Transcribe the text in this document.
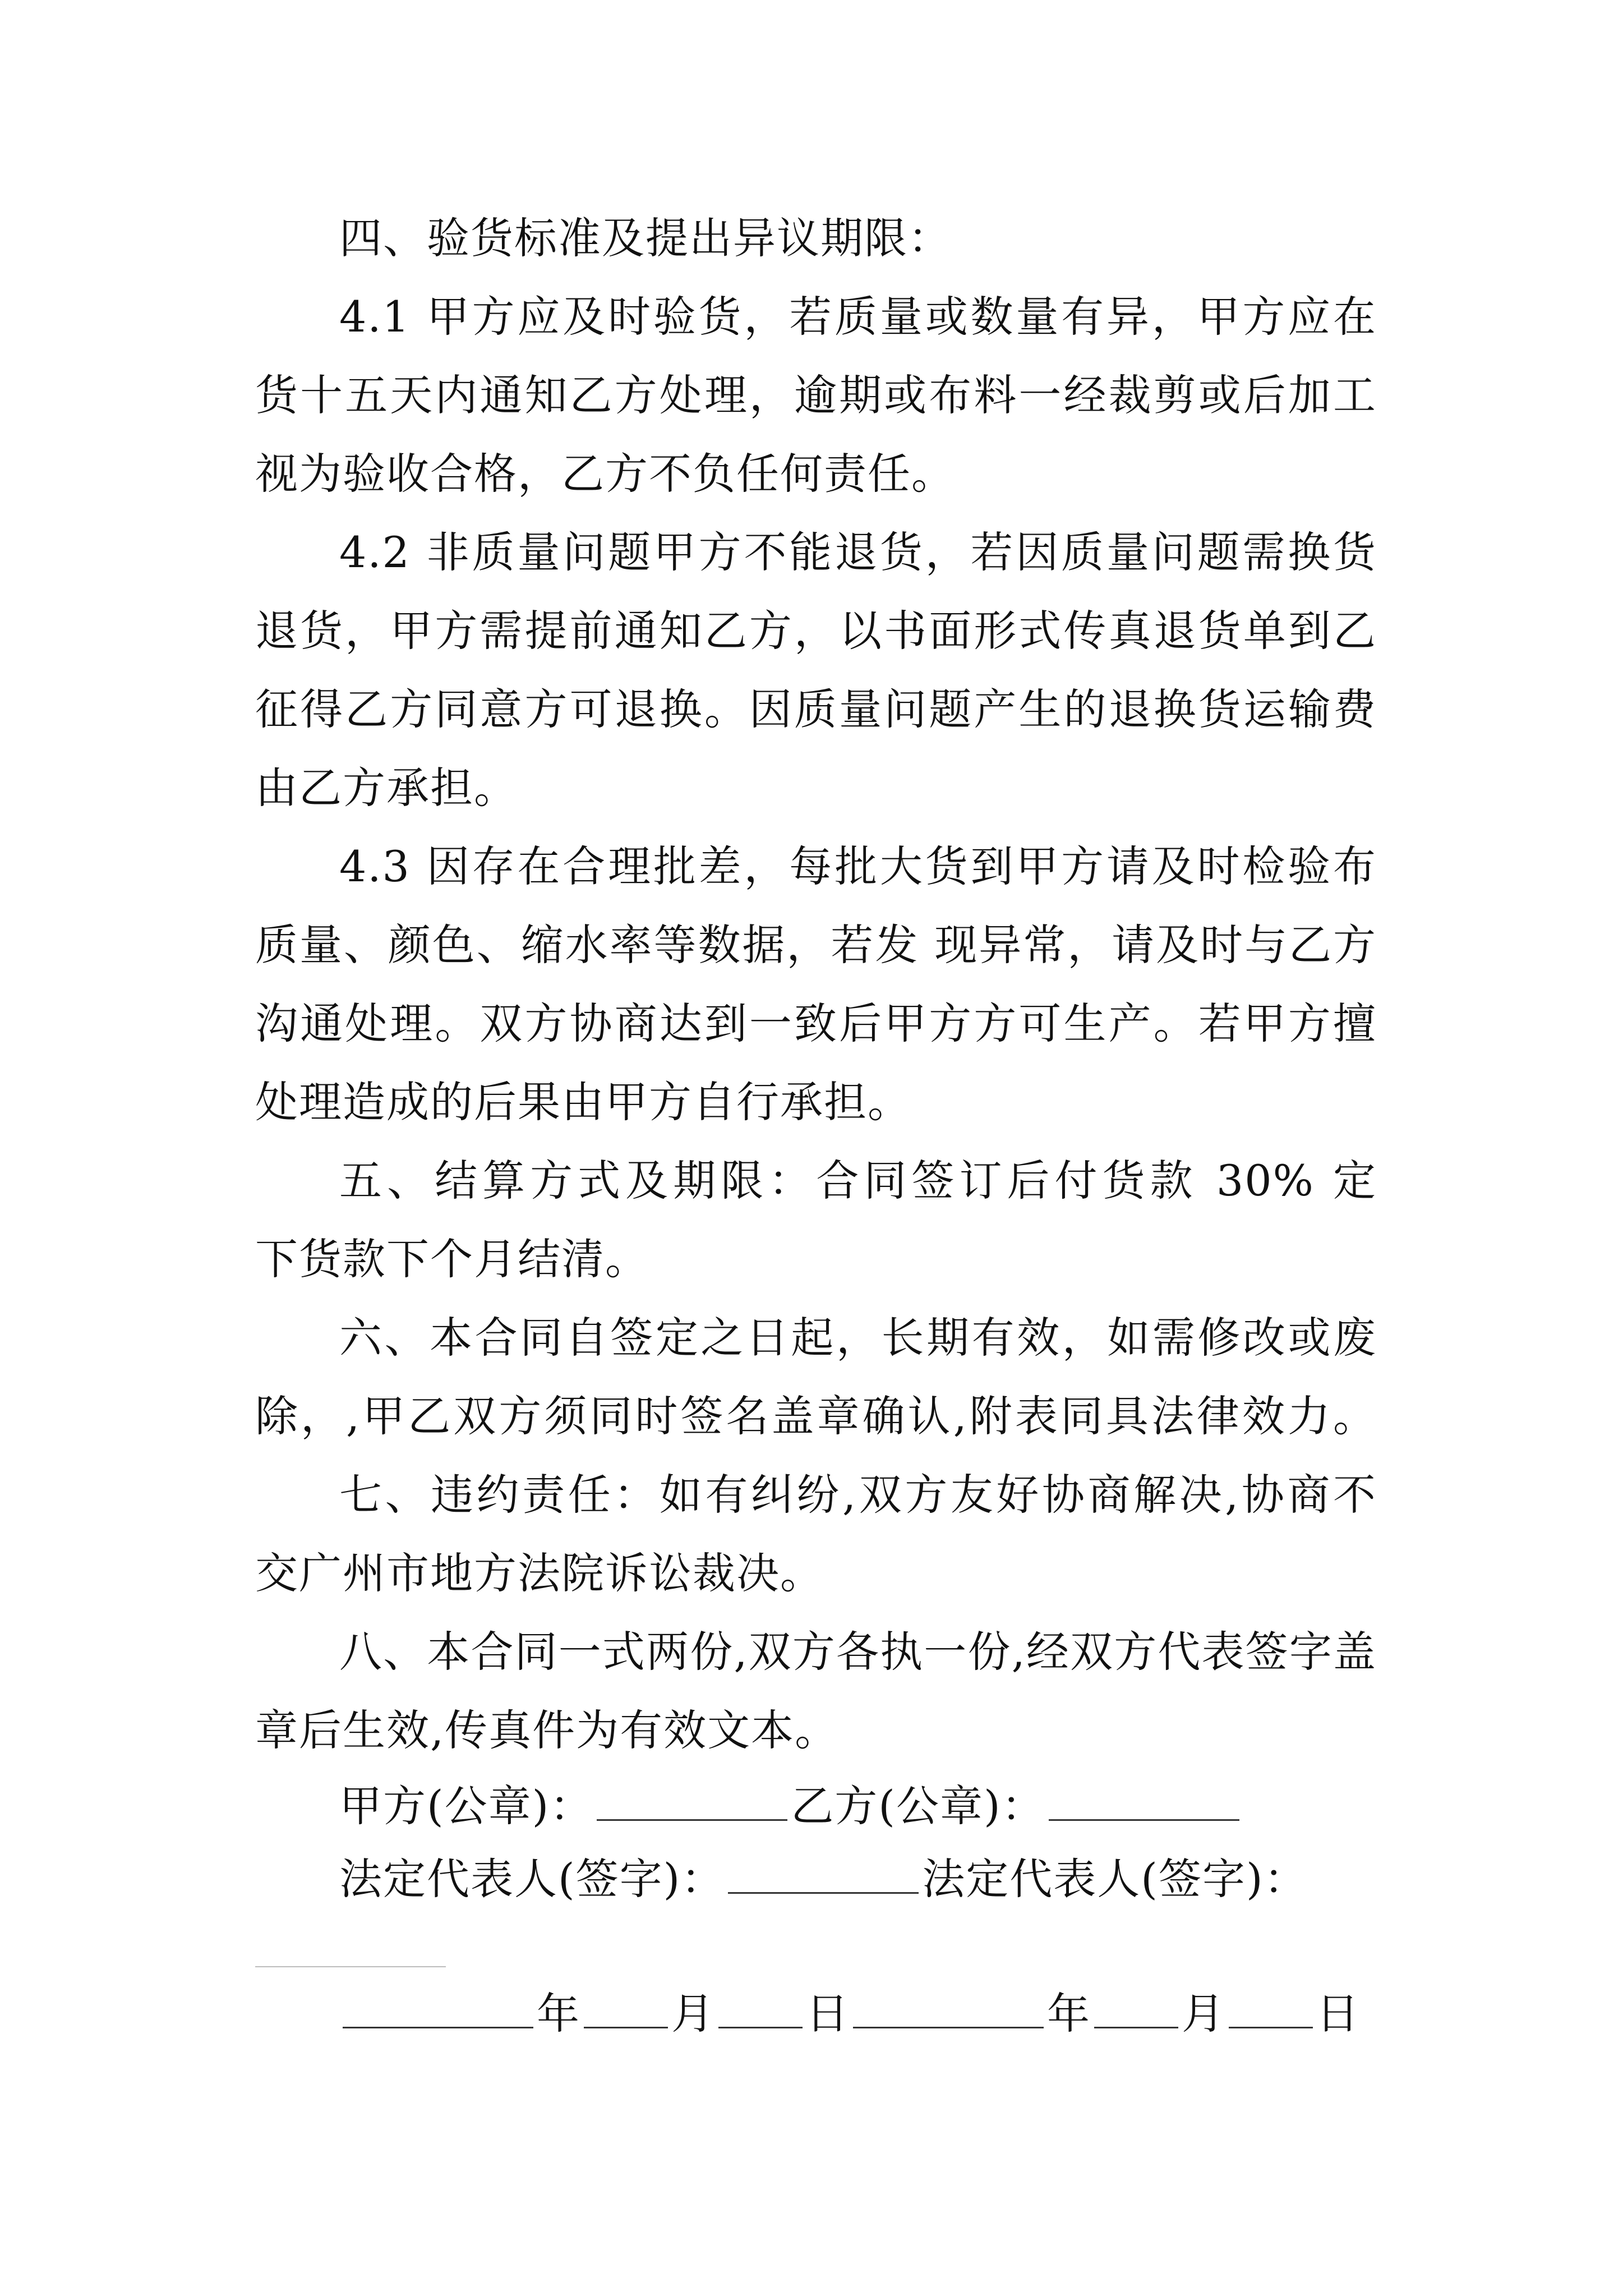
四、验货标准及提出异议期限：
4.1 甲方应及时验货，若质量或数量有异，甲方应在
货十五天内通知乙方处理，逾期或布料一经裁剪或后加工
视为验收合格，乙方不负任何责任。
4.2 非质量问题甲方不能退货，若因质量问题需换货
退货，甲方需提前通知乙方，以书面形式传真退货单到乙
征得乙方同意方可退换。因质量问题产生的退换货运输费
由乙方承担。
4.3 因存在合理批差，每批大货到甲方请及时检验布
质量、颜色、缩水率等数据，若发 现异常，请及时与乙方
沟通处理。双方协商达到一致后甲方方可生产。若甲方擅
处理造成的后果由甲方自行承担。
五、结算方式及期限：合同签订后付货款 30% 定
下货款下个月结清。
六、本合同自签定之日起，长期有效，如需修改或废
除，,甲乙双方须同时签名盖章确认,附表同具法律效力。
七、违约责任：如有纠纷,双方友好协商解决,协商不
交广州市地方法院诉讼裁决。
八、本合同一式两份,双方各执一份,经双方代表签字盖
章后生效,传真件为有效文本。
甲方(公章)：	乙方(公章)：
法定代表人(签字)：	法定代表人(签字)：
年 月 日	年 月 日
